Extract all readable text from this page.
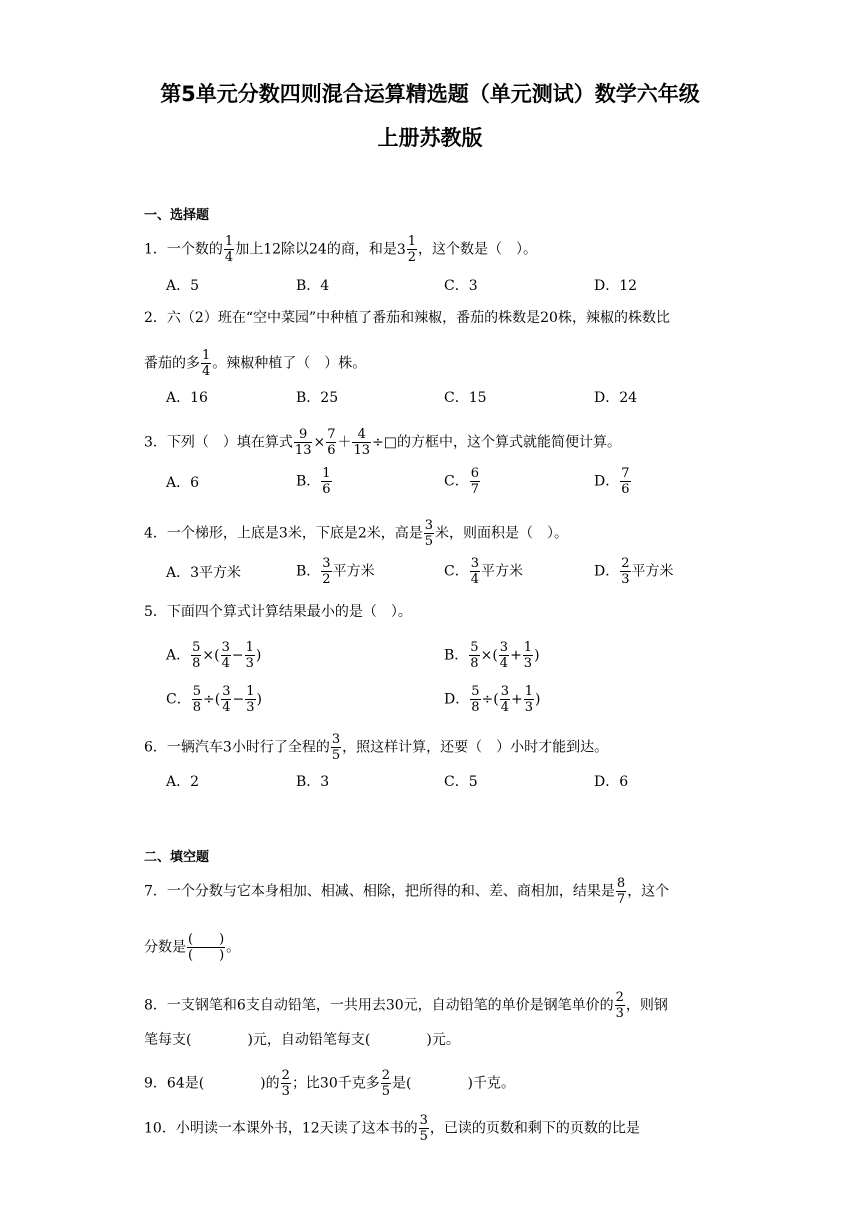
第5单元分数四则混合运算精选题（单元测试）数学六年级
上册苏教版
一、选择题
1．一个数的 $\frac{1}{4}$ 加上12除以24的商，和是 $3 \frac{1}{2}$ ，这个数是（　）。
A．5	B．4	C．3	D．12
2．六（2）班在“空中菜园”中种植了番茄和辣椒，番茄的株数是20株，辣椒的株数比
番茄的多 $\frac{1}{4}$ 。辣椒种植了（　）株。
A．16	B．25	C．15	D．24
3．下列（　）填在算式 $\frac{9}{13} \times \frac{7}{6} + \frac{4}{13}$ ÷□的方框中，这个算式就能简便计算。
A．6	B． $\frac{1}{6}$	C． $\frac{6}{7}$	D． $\frac{7}{6}$
4．一个梯形，上底是3米，下底是2米，高是 $\frac{3}{5}$ 米，则面积是（　）。
A．3平方米	B． $\frac{3}{2}$ 平方米	C． $\frac{3}{4}$ 平方米	D． $\frac{2}{3}$ 平方米
5．下面四个算式计算结果最小的是（　）。
A． $\frac{5}{8}$ ×( $\frac{3}{4} - \frac{1}{3}$ )	B． $\frac{5}{8}$ ×( $\frac{3}{4} + \frac{1}{3}$ )
C． $\frac{5}{8}$ ÷( $\frac{3}{4} - \frac{1}{3}$ )	D． $\frac{5}{8}$ ÷( $\frac{3}{4} + \frac{1}{3}$ )
6．一辆汽车3小时行了全程的 $\frac{3}{5}$ ，照这样计算，还要（　）小时才能到达。
A．2	B．3	C．5	D．6
二、填空题
7．一个分数与它本身相加、相减、相除，把所得的和、差、商相加，结果是 $\frac{8}{7}$ ，这个
分数是 $\frac{( )}{( )}$ 。
8．一支钢笔和6支自动铅笔，一共用去30元，自动铅笔的单价是钢笔单价的 $\frac{2}{3}$ ，则钢
笔每支(　　　　)元，自动铅笔每支(　　　　)元。
9．64是(　　　　)的 $\frac{2}{3}$ ；比30千克多 $\frac{2}{5}$ 是(　　　　)千克。
10．小明读一本课外书，12天读了这本书的 $\frac{3}{5}$ ，已读的页数和剩下的页数的比是
